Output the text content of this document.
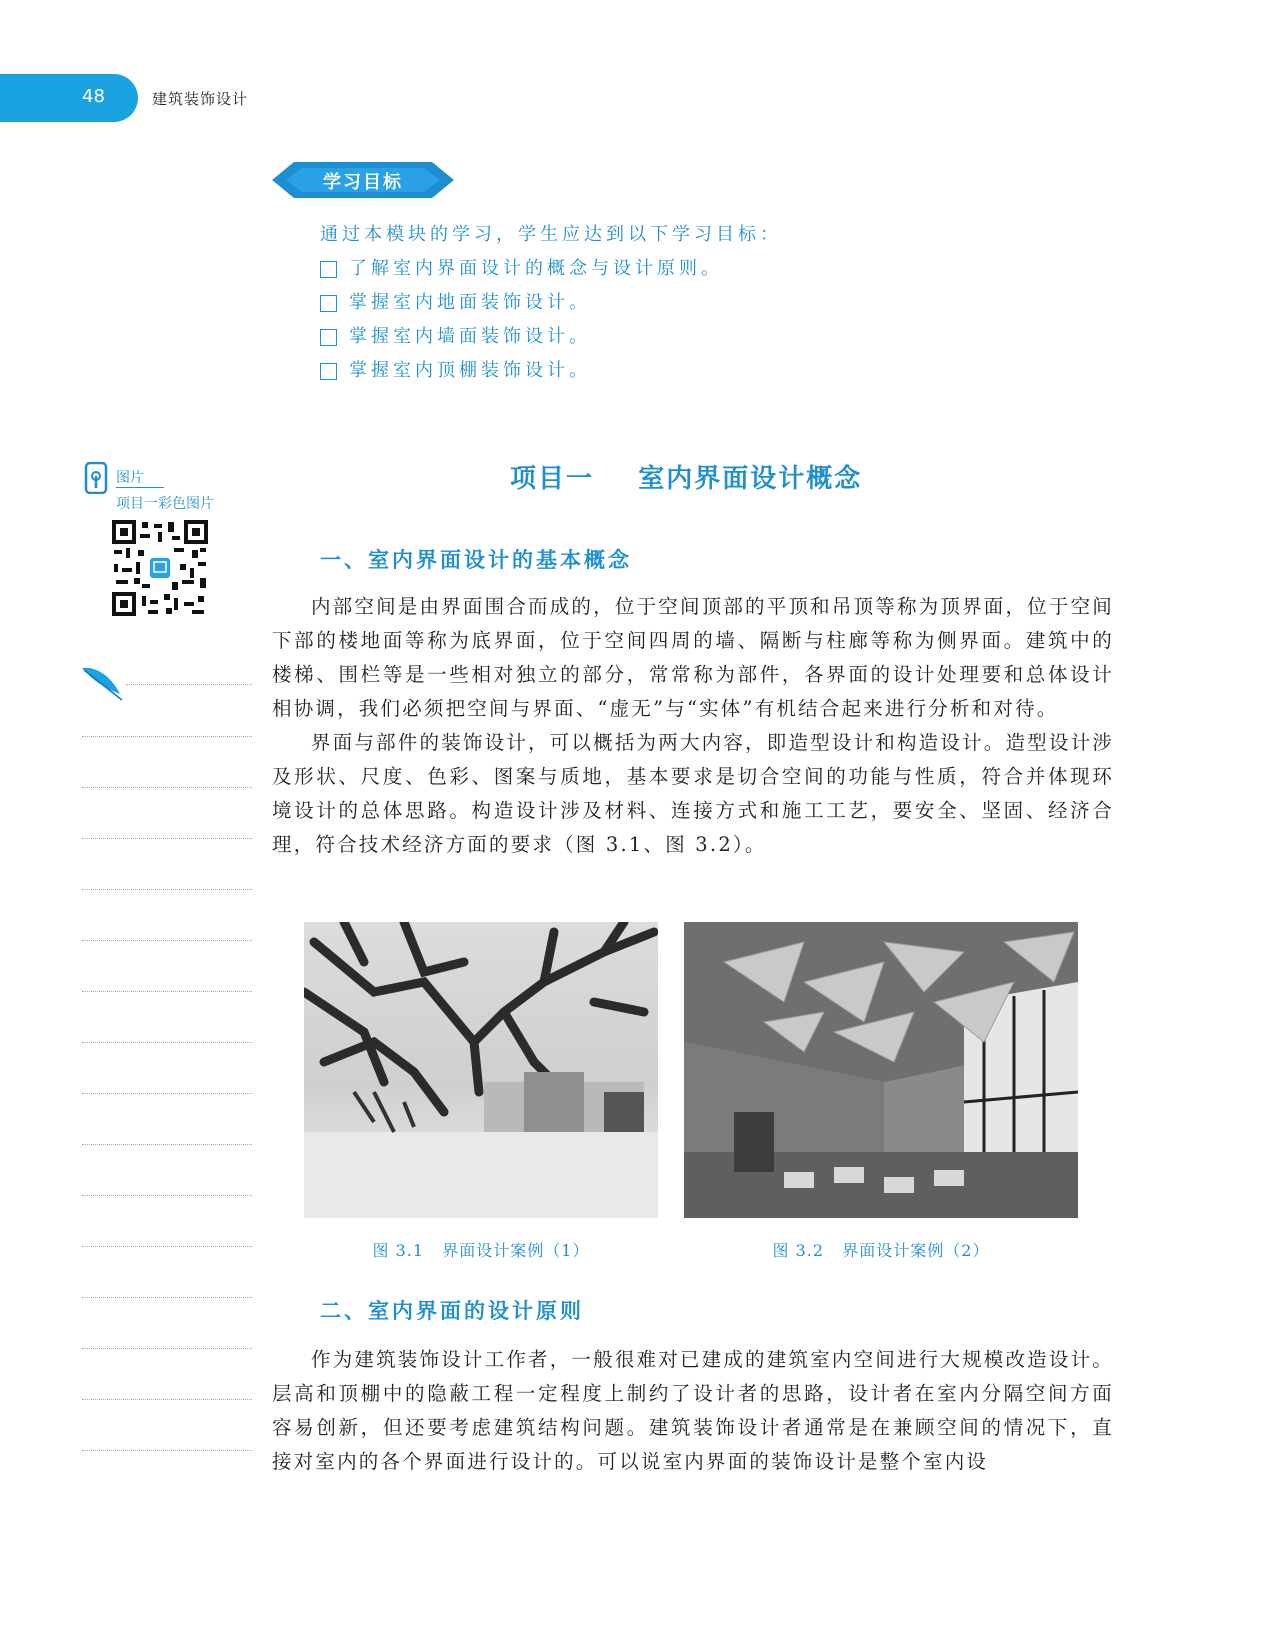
48	建筑装饰设计
学习目标
通过本模块的学习，学生应达到以下学习目标：
了解室内界面设计的概念与设计原则。
掌握室内地面装饰设计。
掌握室内墙面装饰设计。
掌握室内顶棚装饰设计。
图片
项目一彩色图片
项目一    室内界面设计概念
一、室内界面设计的基本概念

内部空间是由界面围合而成的，位于空间顶部的平顶和吊顶等称为顶界面，位于空间下部的楼地面等称为底界面，位于空间四周的墙、隔断与柱廊等称为侧界面。建筑中的楼梯、围栏等是一些相对独立的部分，常常称为部件，各界面的设计处理要和总体设计相协调，我们必须把空间与界面、“虚无”与“实体”有机结合起来进行分析和对待。

界面与部件的装饰设计，可以概括为两大内容，即造型设计和构造设计。造型设计涉及形状、尺度、色彩、图案与质地，基本要求是切合空间的功能与性质，符合并体现环境设计的总体思路。构造设计涉及材料、连接方式和施工工艺，要安全、坚固、经济合理，符合技术经济方面的要求（图 3.1、图 3.2）。

图 3.1   界面设计案例（1）	图 3.2   界面设计案例（2）
二、室内界面的设计原则

作为建筑装饰设计工作者，一般很难对已建成的建筑室内空间进行大规模改造设计。层高和顶棚中的隐蔽工程一定程度上制约了设计者的思路，设计者在室内分隔空间方面容易创新，但还要考虑建筑结构问题。建筑装饰设计者通常是在兼顾空间的情况下，直接对室内的各个界面进行设计的。可以说室内界面的装饰设计是整个室内设
